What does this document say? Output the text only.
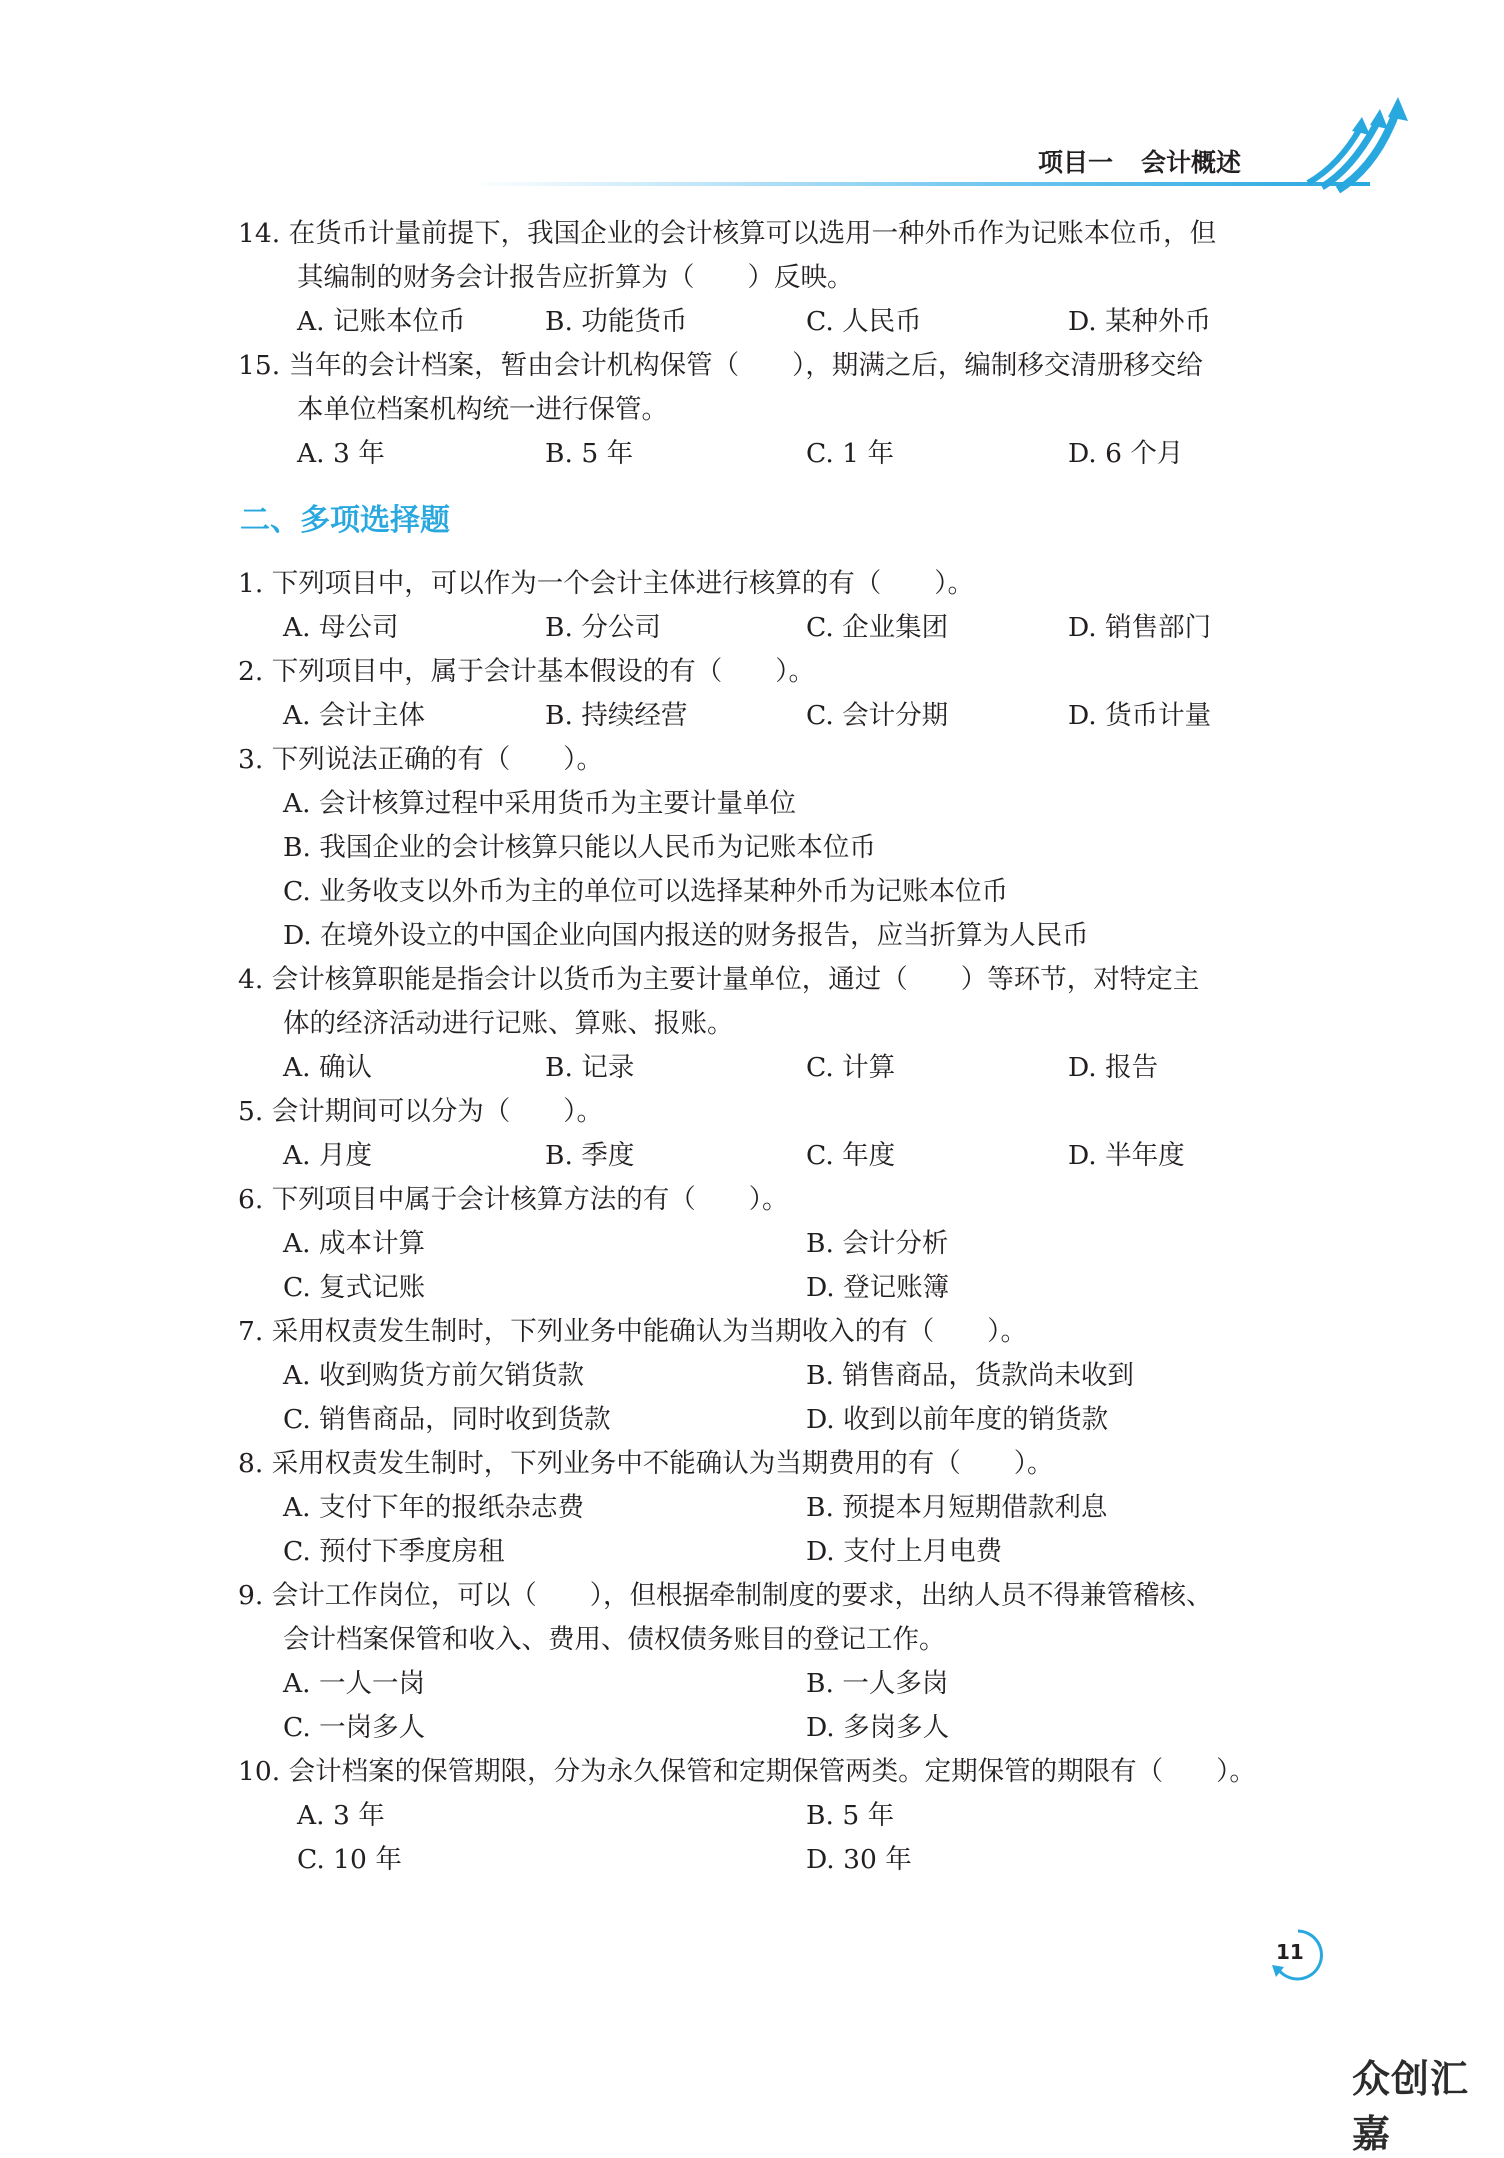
项目一 会计概述
14. 在货币计量前提下，我国企业的会计核算可以选用一种外币作为记账本位币，但
其编制的财务会计报告应折算为（　　）反映。
A. 记账本位币	B. 功能货币	C. 人民币	D. 某种外币
15. 当年的会计档案，暂由会计机构保管（　　），期满之后，编制移交清册移交给
本单位档案机构统一进行保管。
A. 3 年	B. 5 年	C. 1 年	D. 6 个月
二、多项选择题
1. 下列项目中，可以作为一个会计主体进行核算的有（　　）。
A. 母公司	B. 分公司	C. 企业集团	D. 销售部门
2. 下列项目中，属于会计基本假设的有（　　）。
A. 会计主体	B. 持续经营	C. 会计分期	D. 货币计量
3. 下列说法正确的有（　　）。
A. 会计核算过程中采用货币为主要计量单位
B. 我国企业的会计核算只能以人民币为记账本位币
C. 业务收支以外币为主的单位可以选择某种外币为记账本位币
D. 在境外设立的中国企业向国内报送的财务报告，应当折算为人民币
4. 会计核算职能是指会计以货币为主要计量单位，通过（　　）等环节，对特定主
体的经济活动进行记账、算账、报账。
A. 确认	B. 记录	C. 计算	D. 报告
5. 会计期间可以分为（　　）。
A. 月度	B. 季度	C. 年度	D. 半年度
6. 下列项目中属于会计核算方法的有（　　）。
A. 成本计算	B. 会计分析
C. 复式记账	D. 登记账簿
7. 采用权责发生制时，下列业务中能确认为当期收入的有（　　）。
A. 收到购货方前欠销货款	B. 销售商品，货款尚未收到
C. 销售商品，同时收到货款	D. 收到以前年度的销货款
8. 采用权责发生制时，下列业务中不能确认为当期费用的有（　　）。
A. 支付下年的报纸杂志费	B. 预提本月短期借款利息
C. 预付下季度房租	D. 支付上月电费
9. 会计工作岗位，可以（　　），但根据牵制制度的要求，出纳人员不得兼管稽核、
会计档案保管和收入、费用、债权债务账目的登记工作。
A. 一人一岗	B. 一人多岗
C. 一岗多人	D. 多岗多人
10. 会计档案的保管期限，分为永久保管和定期保管两类。定期保管的期限有（　　）。
A. 3 年	B. 5 年
C. 10 年	D. 30 年
11
众创汇嘉
